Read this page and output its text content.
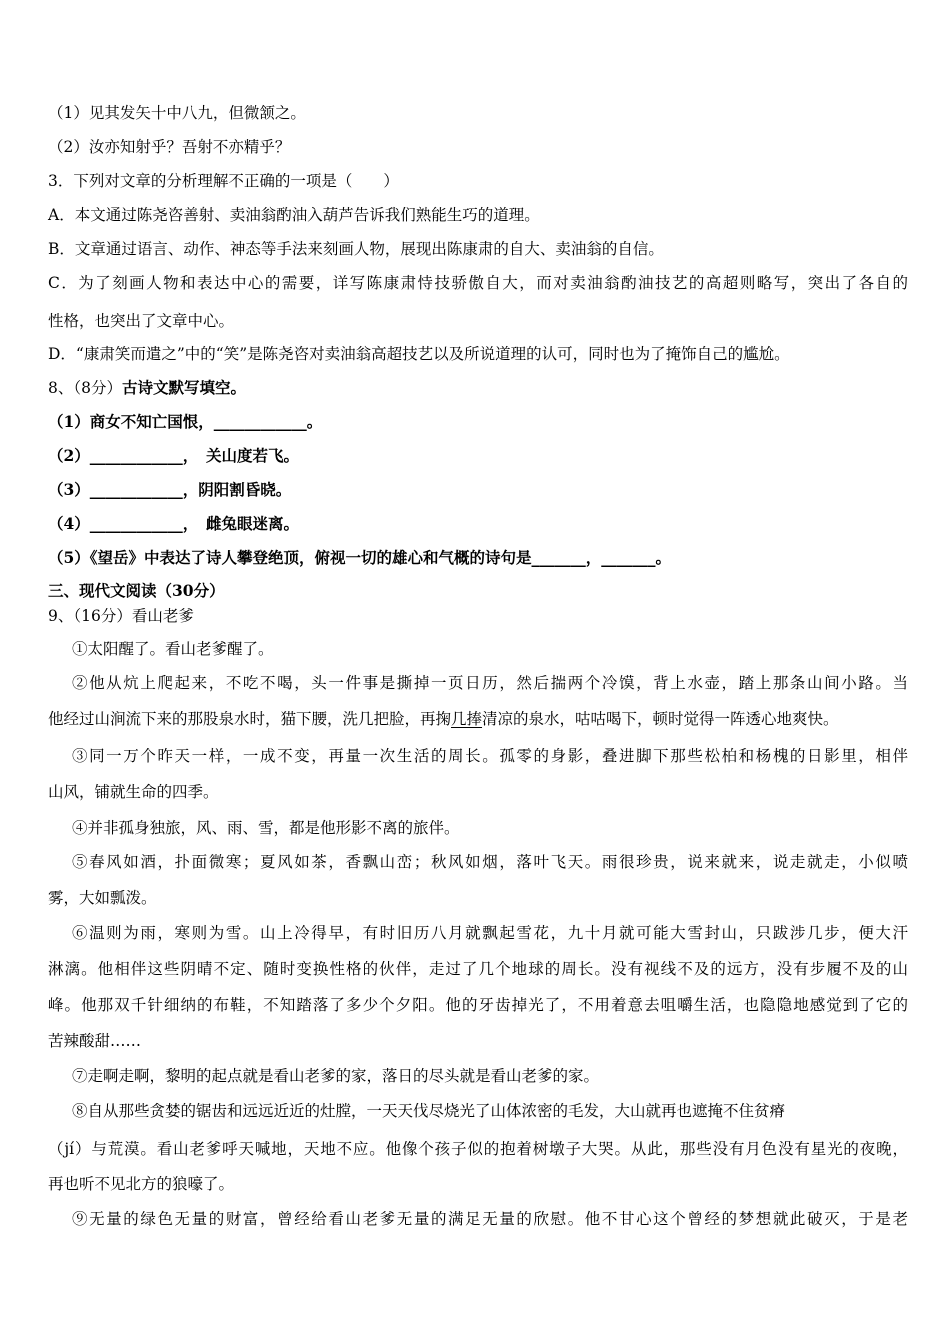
（1）见其发矢十中八九，但微颔之。
（2）汝亦知射乎？吾射不亦精乎？
3．下列对文章的分析理解不正确的一项是（　　）
A．本文通过陈尧咨善射、卖油翁酌油入葫芦告诉我们熟能生巧的道理。
B．文章通过语言、动作、神态等手法来刻画人物，展现出陈康肃的自大、卖油翁的自信。
C．为了刻画人物和表达中心的需要，详写陈康肃恃技骄傲自大，而对卖油翁酌油技艺的高超则略写，突出了各自的
性格，也突出了文章中心。
D．“康肃笑而遣之”中的“笑”是陈尧咨对卖油翁高超技艺以及所说道理的认可，同时也为了掩饰自己的尴尬。
8、（8分）古诗文默写填空。
（1）商女不知亡国恨，____________。
（2）____________，　关山度若飞。
（3）____________，阴阳割昏晓。
（4）____________，　雌兔眼迷离。
（5）《望岳》中表达了诗人攀登绝顶，俯视一切的雄心和气概的诗句是_______，_______。
三、现代文阅读（30分）
9、（16分）看山老爹
①太阳醒了。看山老爹醒了。
②他从炕上爬起来，不吃不喝，头一件事是撕掉一页日历，然后揣两个冷馍，背上水壶，踏上那条山间小路。当
他经过山涧流下来的那股泉水时，猫下腰，洗几把脸，再掬几捧清凉的泉水，咕咕喝下，顿时觉得一阵透心地爽快。
③同一万个昨天一样，一成不变，再量一次生活的周长。孤零的身影，叠进脚下那些松柏和杨槐的日影里，相伴
山风，铺就生命的四季。
④并非孤身独旅，风、雨、雪，都是他形影不离的旅伴。
⑤春风如酒，扑面微寒；夏风如茶，香飘山峦；秋风如烟，落叶飞天。雨很珍贵，说来就来，说走就走，小似喷
雾，大如瓢泼。
⑥温则为雨，寒则为雪。山上冷得早，有时旧历八月就飘起雪花，九十月就可能大雪封山，只跋涉几步，便大汗
淋漓。他相伴这些阴晴不定、随时变换性格的伙伴，走过了几个地球的周长。没有视线不及的远方，没有步履不及的山
峰。他那双千针细纳的布鞋，不知踏落了多少个夕阳。他的牙齿掉光了，不用着意去咀嚼生活，也隐隐地感觉到了它的
苦辣酸甜……
⑦走啊走啊，黎明的起点就是看山老爹的家，落日的尽头就是看山老爹的家。
⑧自从那些贪婪的锯齿和远远近近的灶膛，一天天伐尽烧光了山体浓密的毛发，大山就再也遮掩不住贫瘠
（jí）与荒漠。看山老爹呼天喊地，天地不应。他像个孩子似的抱着树墩子大哭。从此，那些没有月色没有星光的夜晚，
再也听不见北方的狼嚎了。
⑨无量的绿色无量的财富，曾经给看山老爹无量的满足无量的欣慰。他不甘心这个曾经的梦想就此破灭，于是老
